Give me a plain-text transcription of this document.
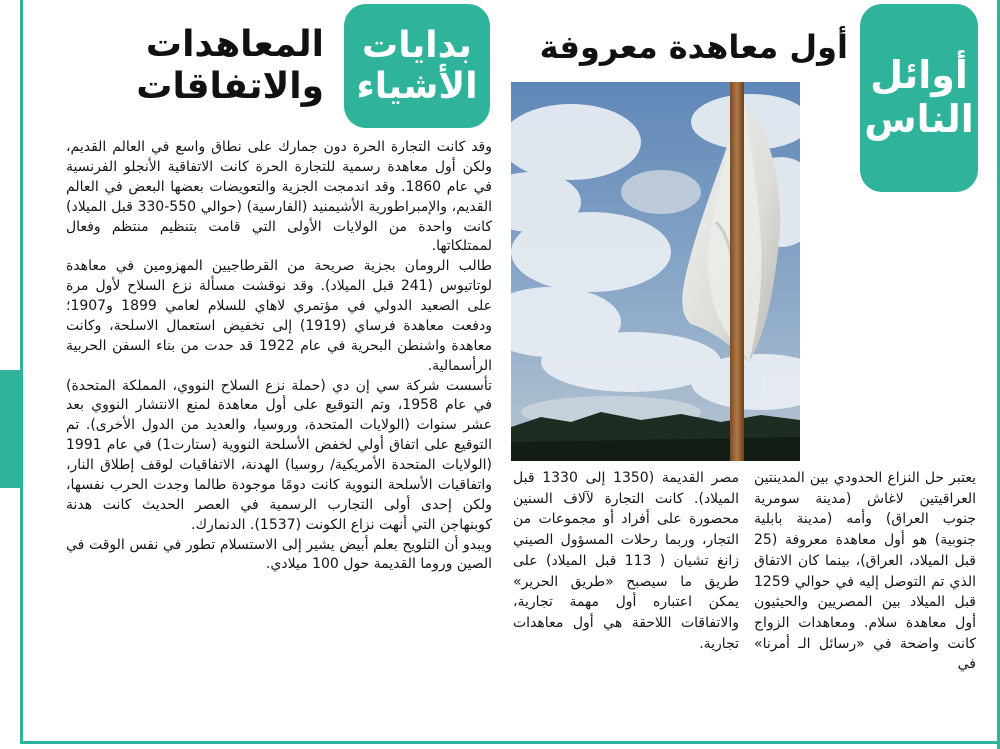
أوائل
الناس
أول معاهدة معروفة
بدايات
الأشياء
المعاهدات
والاتفاقات

وقد كانت التجارة الحرة دون جمارك على نطاق واسع في العالم القديم، ولكن أول معاهدة رسمية للتجارة الحرة كانت الاتفاقية الأنجلو الفرنسية في عام 1860. وقد اندمجت الجزية والتعويضات بعضها البعض في العالم القديم، والإمبراطورية الأشيمنيد (الفارسية) (حوالي 550-330 قبل الميلاد) كانت واحدة من الولايات الأولى التي قامت بتنظيم منتظم وفعال لممتلكاتها.

طالب الرومان بجزية صريحة من القرطاجيين المهزومين في معاهدة لوتاتيوس (241 قبل الميلاد). وقد نوقشت مسألة نزع السلاح لأول مرة على الصعيد الدولي في مؤتمري لاهاي للسلام لعامي 1899 و1907؛ ودفعت معاهدة فرساي (1919) إلى تخفيض استعمال الاسلحة، وكانت معاهدة واشنطن البحرية في عام 1922 قد حدت من بناء السفن الحربية الرأسمالية.

تأسست شركة سي إن دي (حملة نزع السلاح النووي، المملكة المتحدة) في عام 1958، وتم التوقيع على أول معاهدة لمنع الانتشار النووي بعد عشر سنوات (الولايات المتحدة، وروسيا، والعديد من الدول الأخرى). تم التوقيع على اتفاق أولي لخفض الأسلحة النووية (ستارت1) في عام 1991 (الولايات المتحدة الأمريكية/ روسيا) الهدنة، الاتفاقيات لوقف إطلاق النار، واتفاقيات الأسلحة النووية كانت دومًا موجودة طالما وجدت الحرب نفسها، ولكن إحدى أولى التجارب الرسمية في العصر الحديث كانت هدنة كوبنهاجن التي أنهت نزاع الكونت (1537). الدنمارك.

ويبدو أن التلويح بعلم أبيض يشير إلى الاستسلام تطور في نفس الوقت في الصين وروما القديمة حول 100 ميلادي.

يعتبر حل النزاع الحدودي بين المدينتين العراقيتين لاغاش (مدينة سومرية جنوب العراق) وأمه (مدينة بابلية جنوبية) هو أول معاهدة معروفة (25 قبل الميلاد، العراق)، بينما كان الاتفاق الذي تم التوصل إليه في حوالي 1259 قبل الميلاد بين المصريين والحيثيون أول معاهدة سلام. ومعاهدات الزواج كانت واضحة في «رسائل الـ أمرنا» في
مصر القديمة (1350 إلى 1330 قبل الميلاد). كانت التجارة لآلاف السنين محصورة على أفراد أو مجموعات من التجار، وربما رحلات المسؤول الصيني زانغ تشيان ( 113 قبل الميلاد) على طريق ما سيصبح «طريق الحرير» يمكن اعتباره أول مهمة تجارية، والاتفاقات اللاحقة هي أول معاهدات تجارية.
